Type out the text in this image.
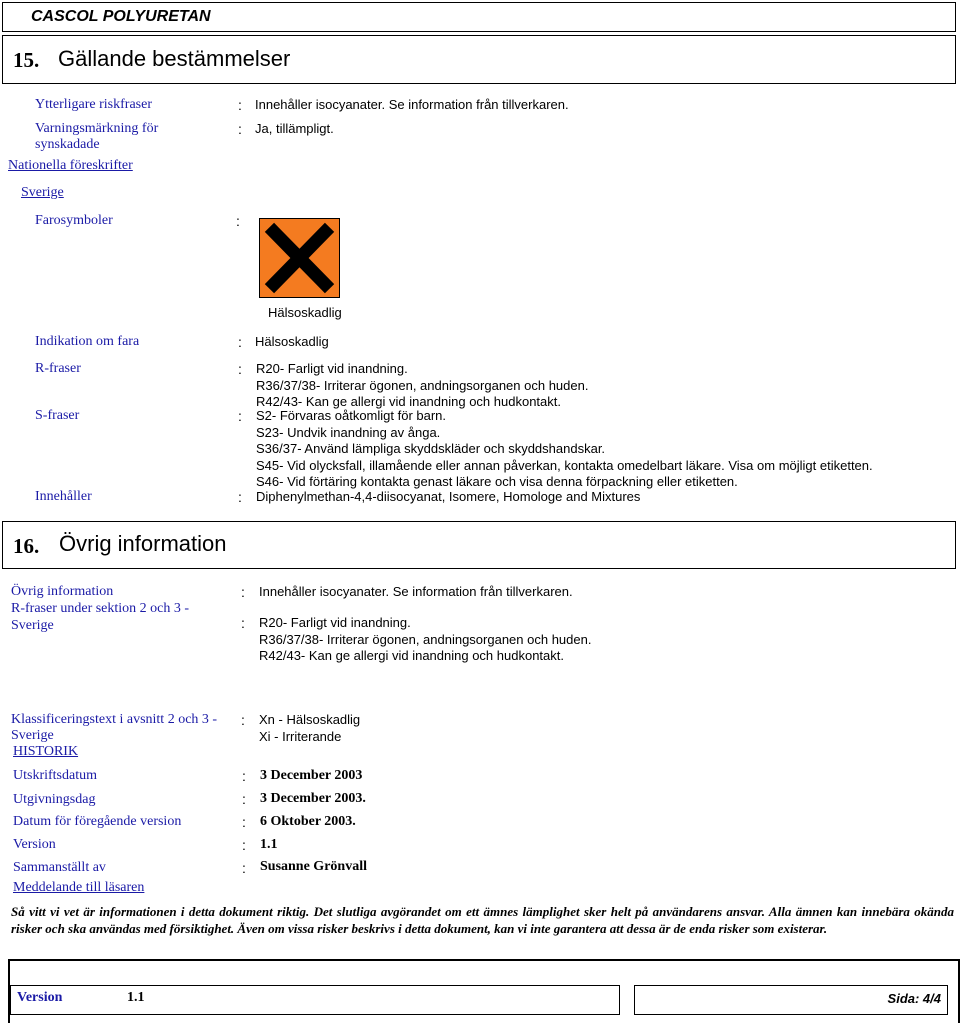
CASCOL POLYURETAN
15. Gällande bestämmelser
Ytterligare riskfraser	: Innehåller isocyanater. Se information från tillverkaren.
Varningsmärkning för
synskadade
: Ja, tillämpligt.
Nationella föreskrifter
Sverige
Farosymboler	:
Hälsoskadlig
Indikation om fara	: Hälsoskadlig
R-fraser	: R20- Farligt vid inandning.
R36/37/38- Irriterar ögonen, andningsorganen och huden.
R42/43- Kan ge allergi vid inandning och hudkontakt.
S-fraser	: S2- Förvaras oåtkomligt för barn.
S23- Undvik inandning av ånga.
S36/37- Använd lämpliga skyddskläder och skyddshandskar.
S45- Vid olycksfall, illamående eller annan påverkan, kontakta omedelbart läkare. Visa om möjligt etiketten.
S46- Vid förtäring kontakta genast läkare och visa denna förpackning eller etiketten.
Innehåller	: Diphenylmethan-4,4-diisocyanat, Isomere, Homologe and Mixtures
16. Övrig information
Övrig information	: Innehåller isocyanater. Se information från tillverkaren.
R-fraser under sektion 2 och 3 -
Sverige	: R20- Farligt vid inandning.
R36/37/38- Irriterar ögonen, andningsorganen och huden.
R42/43- Kan ge allergi vid inandning och hudkontakt.
Klassificeringstext i avsnitt 2 och 3 -
Sverige
: Xn - Hälsoskadlig
Xi - Irriterande
HISTORIK
Utskriftsdatum	: 3 December 2003
Utgivningsdag	: 3 December 2003.
Datum för föregående version	: 6 Oktober 2003.
Version	: 1.1
Sammanställt av	: Susanne Grönvall
Meddelande till läsaren
Så vitt vi vet är informationen i detta dokument riktig. Det slutliga avgörandet om ett ämnes lämplighet sker helt på användarens ansvar. Alla ämnen kan innebära okända risker och ska användas med försiktighet. Även om vissa risker beskrivs i detta dokument, kan vi inte garantera att dessa är de enda risker som existerar.
Version	1.1	Sida: 4/4
